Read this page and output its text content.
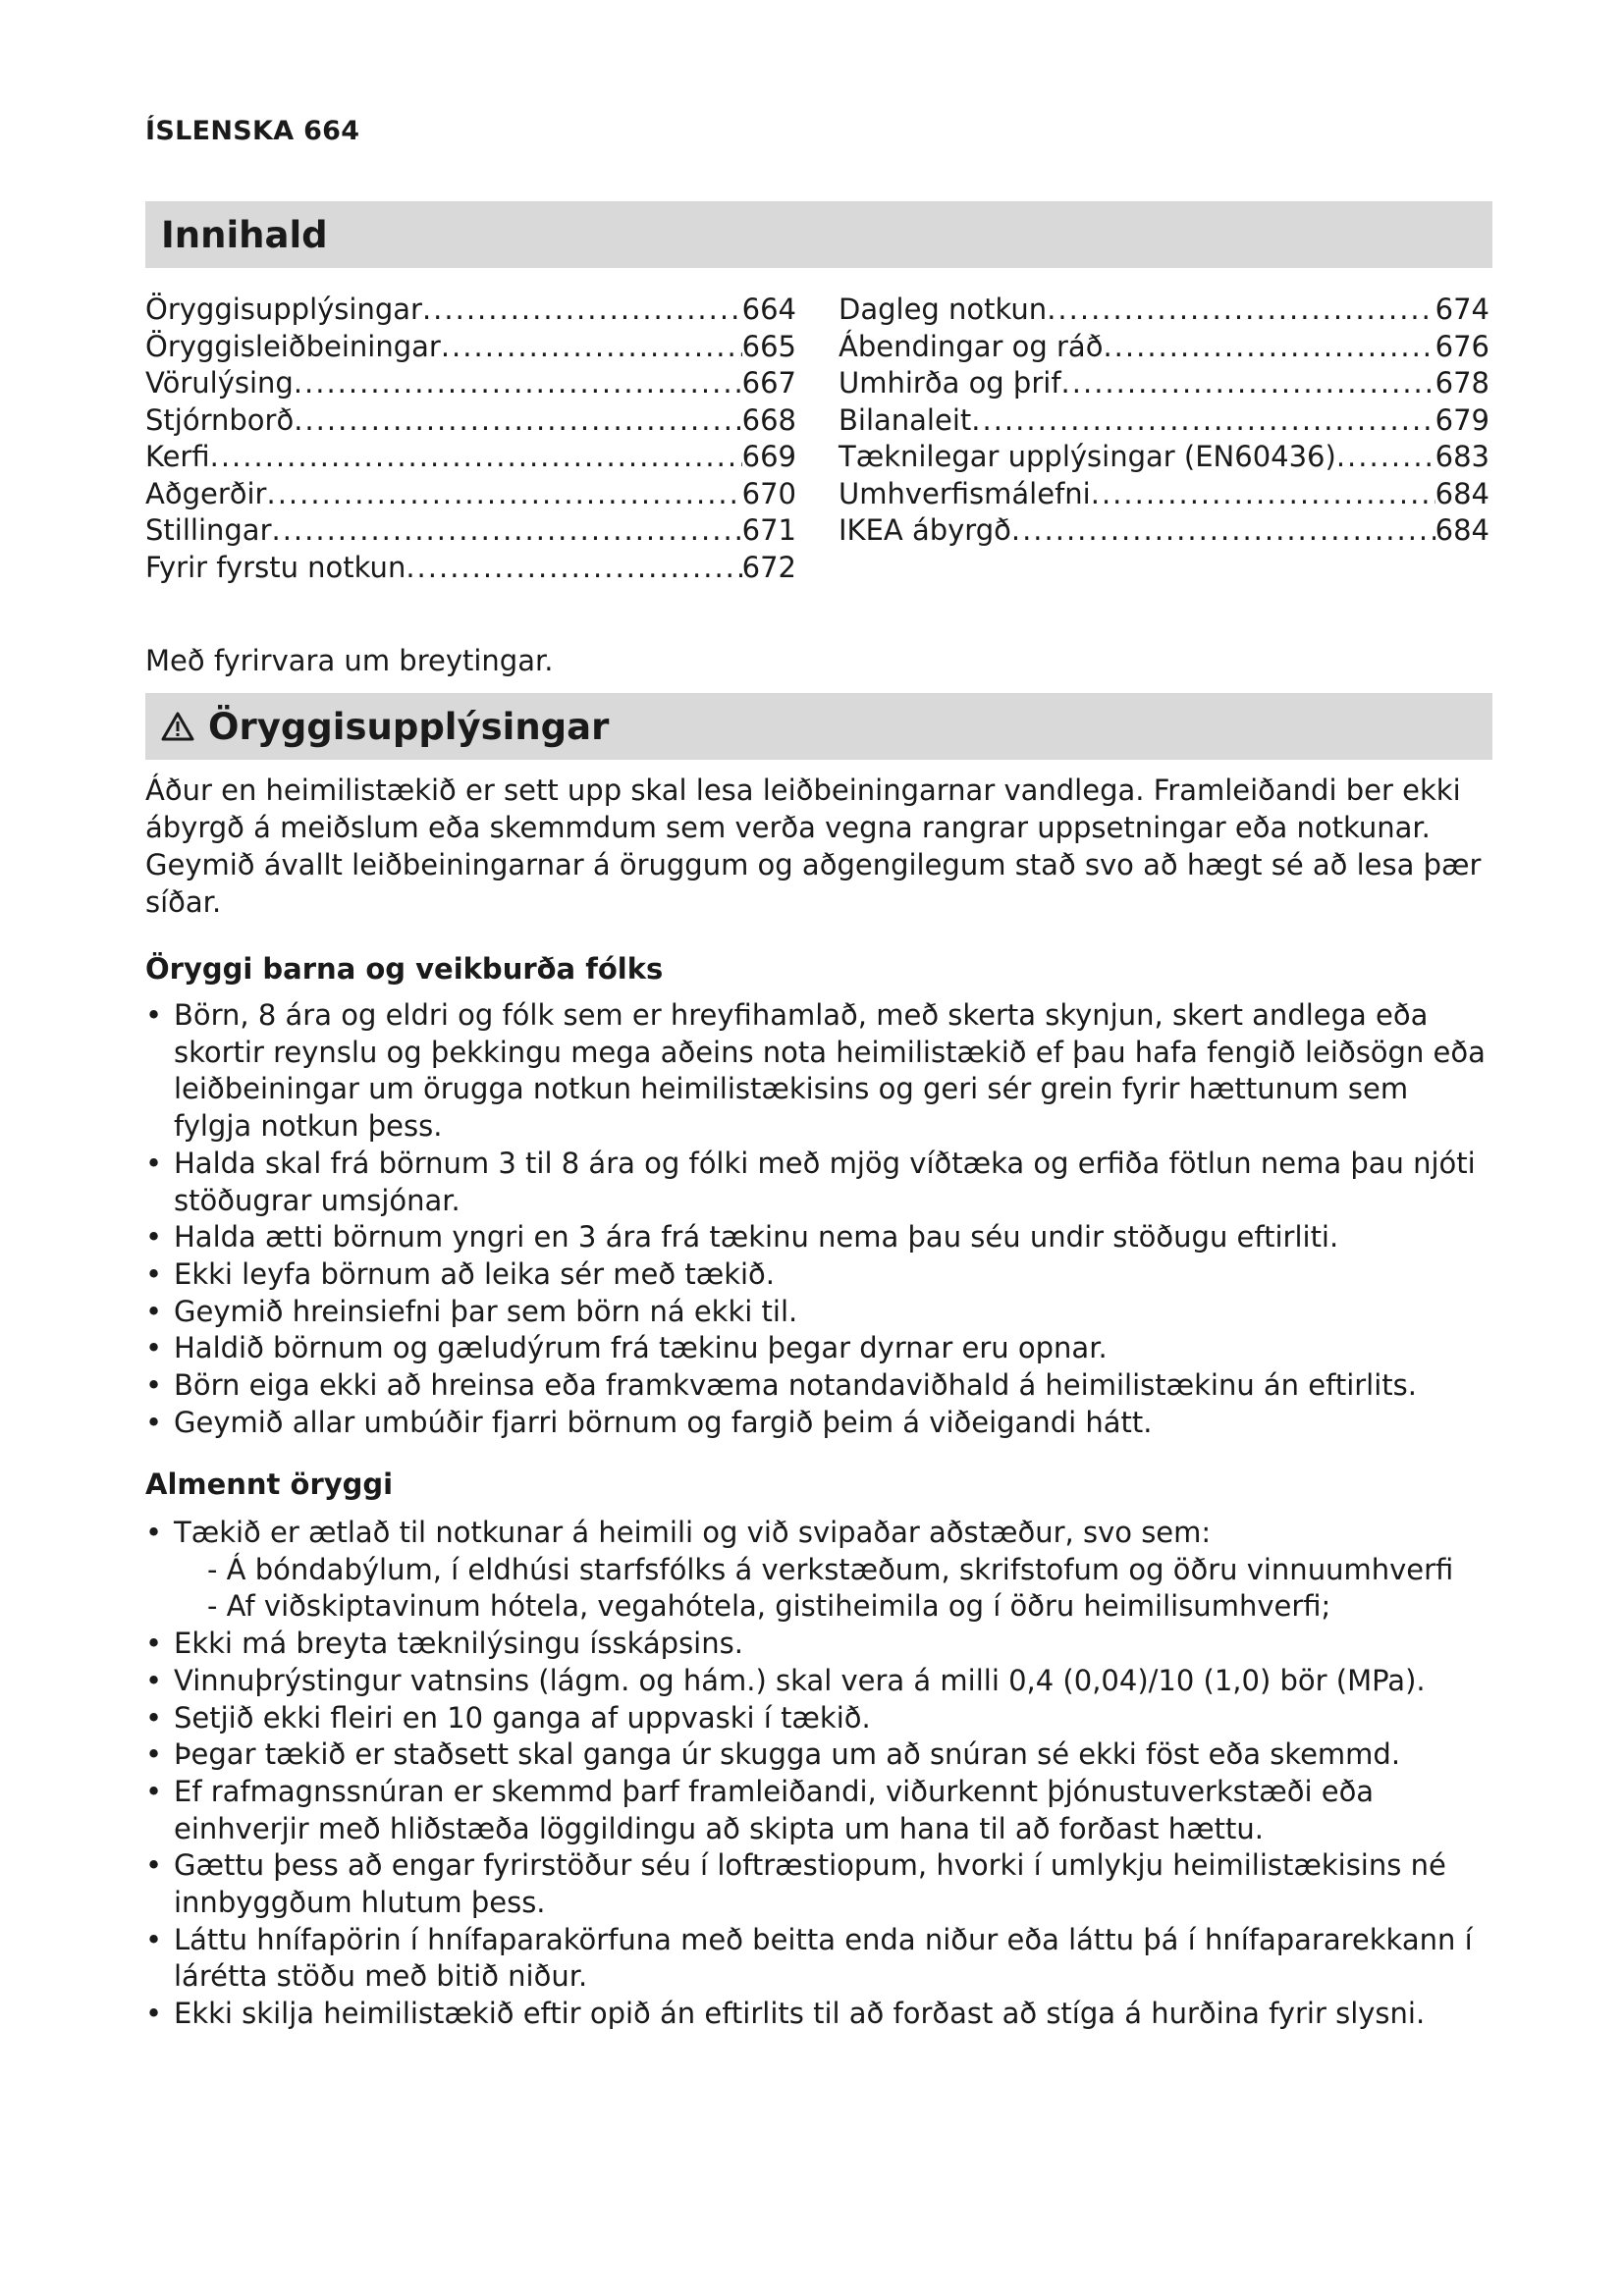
ÍSLENSKA 664
Innihald
Öryggisupplýsingar .....	664
Öryggisleiðbeiningar .....	665
Vörulýsing .....	667
Stjórnborð .....	668
Kerfi .....	669
Aðgerðir .....	670
Stillingar .....	671
Fyrir fyrstu notkun .....	672
Dagleg notkun .....	674
Ábendingar og ráð .....	676
Umhirða og þrif .....	678
Bilanaleit .....	679
Tæknilegar upplýsingar (EN60436) .....	683
Umhverfismálefni .....	684
IKEA ábyrgð .....	684
Með fyrirvara um breytingar.
Öryggisupplýsingar
Áður en heimilistækið er sett upp skal lesa leiðbeiningarnar vandlega. Framleiðandi ber ekki ábyrgð á meiðslum eða skemmdum sem verða vegna rangrar uppsetningar eða notkunar. Geymið ávallt leiðbeiningarnar á öruggum og aðgengilegum stað svo að hægt sé að lesa þær síðar.
Öryggi barna og veikburða fólks
• Börn, 8 ára og eldri og fólk sem er hreyfihamlað, með skerta skynjun, skert andlega eða skortir reynslu og þekkingu mega aðeins nota heimilistækið ef þau hafa fengið leiðsögn eða leiðbeiningar um örugga notkun heimilistækisins og geri sér grein fyrir hættunum sem fylgja notkun þess.
• Halda skal frá börnum 3 til 8 ára og fólki með mjög víðtæka og erfiða fötlun nema þau njóti stöðugrar umsjónar.
• Halda ætti börnum yngri en 3 ára frá tækinu nema þau séu undir stöðugu eftirliti.
• Ekki leyfa börnum að leika sér með tækið.
• Geymið hreinsiefni þar sem börn ná ekki til.
• Haldið börnum og gæludýrum frá tækinu þegar dyrnar eru opnar.
• Börn eiga ekki að hreinsa eða framkvæma notandaviðhald á heimilistækinu án eftirlits.
• Geymið allar umbúðir fjarri börnum og fargið þeim á viðeigandi hátt.
Almennt öryggi
• Tækið er ætlað til notkunar á heimili og við svipaðar aðstæður, svo sem:
- Á bóndabýlum, í eldhúsi starfsfólks á verkstæðum, skrifstofum og öðru vinnuumhverfi
- Af viðskiptavinum hótela, vegahótela, gistiheimila og í öðru heimilisumhverfi;
• Ekki má breyta tæknilýsingu ísskápsins.
• Vinnuþrýstingur vatnsins (lágm. og hám.) skal vera á milli 0,4 (0,04)/10 (1,0) bör (MPa).
• Setjið ekki fleiri en 10 ganga af uppvaski í tækið.
• Þegar tækið er staðsett skal ganga úr skugga um að snúran sé ekki föst eða skemmd.
• Ef rafmagnssnúran er skemmd þarf framleiðandi, viðurkennt þjónustuverkstæði eða einhverjir með hliðstæða löggildingu að skipta um hana til að forðast hættu.
• Gættu þess að engar fyrirstöður séu í loftræstiopum, hvorki í umlykju heimilistækisins né innbyggðum hlutum þess.
• Láttu hnífapörin í hnífaparakörfuna með beitta enda niður eða láttu þá í hnífapararekkann í lárétta stöðu með bitið niður.
• Ekki skilja heimilistækið eftir opið án eftirlits til að forðast að stíga á hurðina fyrir slysni.
